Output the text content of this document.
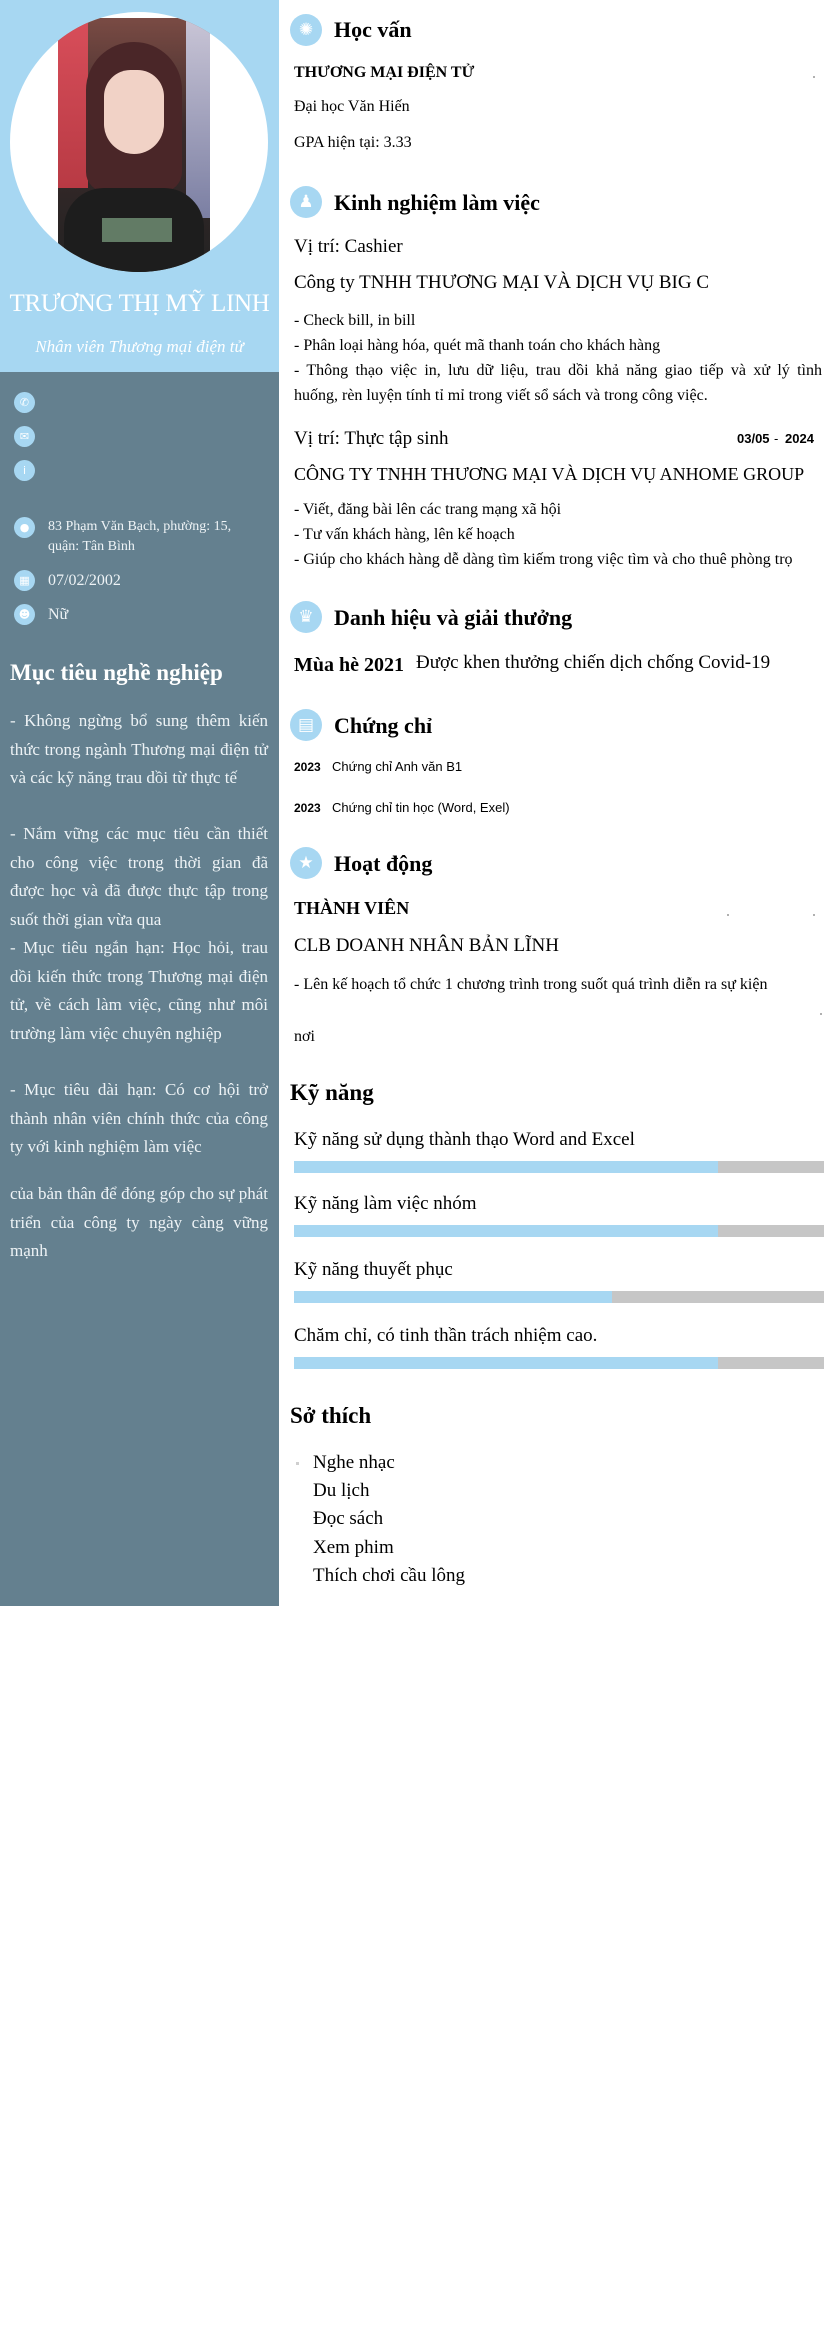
TRƯƠNG THỊ MỸ LINH
Nhân viên Thương mại điện tử
✆
✉
i
●	83 Phạm Văn Bạch, phường: 15, quận: Tân Bình
▦	07/02/2002
☻ Nữ
Mục tiêu nghề nghiệp
- Không ngừng bổ sung thêm kiến thức trong ngành Thương mại điện tử và các kỹ năng trau dồi từ thực tế
- Nắm vững các mục tiêu cần thiết cho công việc trong thời gian đã được học và đã được thực tập trong suốt thời gian vừa qua
- Mục tiêu ngắn hạn: Học hỏi, trau dồi kiến thức trong Thương mại điện tử, về cách làm việc, cũng như môi trường làm việc chuyên nghiệp
- Mục tiêu dài hạn: Có cơ hội trở thành nhân viên chính thức của công ty với kinh nghiệm làm việc
của bản thân để đóng góp cho sự phát triển của công ty ngày càng vững mạnh
✺ Học vấn
THƯƠNG MẠI ĐIỆN TỬ
Đại học Văn Hiến
GPA hiện tại: 3.33
♟ Kinh nghiệm làm việc
Vị trí: Cashier
Công ty TNHH THƯƠNG MẠI VÀ DỊCH VỤ BIG C
- Check bill, in bill
- Phân loại hàng hóa, quét mã thanh toán cho khách hàng
- Thông thạo việc in, lưu dữ liệu, trau dồi khả năng giao tiếp và xử lý tình
huống, rèn luyện tính tỉ mỉ trong viết sổ sách và trong công việc.
Vị trí: Thực tập sinh	03/05 - 2024
CÔNG TY TNHH THƯƠNG MẠI VÀ DỊCH VỤ ANHOME GROUP
- Viết, đăng bài lên các trang mạng xã hội
- Tư vấn khách hàng, lên kế hoạch
- Giúp cho khách hàng dễ dàng tìm kiếm trong việc tìm và cho thuê phòng trọ
♛ Danh hiệu và giải thưởng
Mùa hè 2021 Được khen thưởng chiến dịch chống Covid-19
▤ Chứng chỉ
2023 Chứng chỉ Anh văn B1
2023 Chứng chỉ tin học (Word, Exel)
★ Hoạt động
THÀNH VIÊN
CLB DOANH NHÂN BẢN LĨNH
- Lên kế hoạch tổ chức 1 chương trình trong suốt quá trình diễn ra sự kiện
nơi
Kỹ năng
Kỹ năng sử dụng thành thạo Word and Excel
Kỹ năng làm việc nhóm
Kỹ năng thuyết phục
Chăm chỉ, có tinh thần trách nhiệm cao.
Sở thích
Nghe nhạc
Du lịch
Đọc sách
Xem phim
Thích chơi cầu lông
